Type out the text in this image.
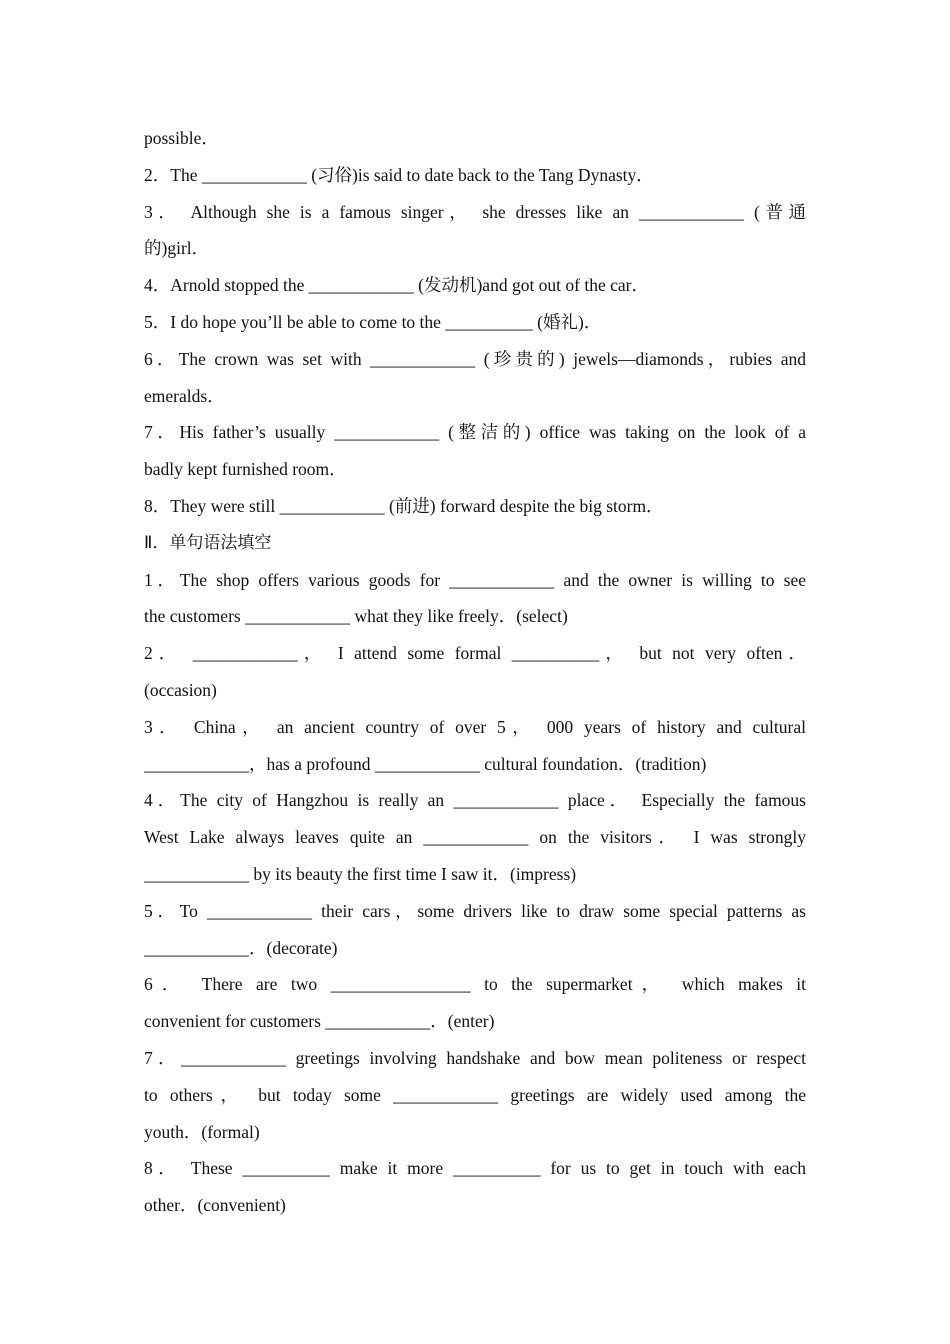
possible．
2．The ____________ (习俗)is said to date back to the Tang Dynasty．
3． Although she is a famous singer， she dresses like an ____________ (普通
的)girl．
4．Arnold stopped the ____________ (发动机)and got out of the car．
5．I do hope you’ll be able to come to the __________ (婚礼)．
6．The crown was set with ____________ (珍贵的) jewels—diamonds，rubies and
emeralds．
7．His father’s usually ____________ (整洁的) office was taking on the look of a
badly kept furnished room．
8．They were still ____________ (前进) forward despite the big storm．
Ⅱ．单句语法填空
1．The shop offers various goods for ____________ and the owner is willing to see
the customers ____________ what they like freely．(select)
2． ____________， I attend some formal __________， but not very often．
(occasion)
3． China， an ancient country of over 5， 000 years of history and cultural
____________，has a profound ____________ cultural foundation．(tradition)
4．The city of Hangzhou is really an ____________ place． Especially the famous
West Lake always leaves quite an ____________ on the visitors． I was strongly
____________ by its beauty the first time I saw it．(impress)
5．To ____________ their cars，some drivers like to draw some special patterns as
____________．(decorate)
6． There are two ________________ to the supermarket， which makes it
convenient for customers ____________．(enter)
7．____________ greetings involving handshake and bow mean politeness or respect
to others， but today some ____________ greetings are widely used among the
youth．(formal)
8． These __________ make it more __________ for us to get in touch with each
other．(convenient)
